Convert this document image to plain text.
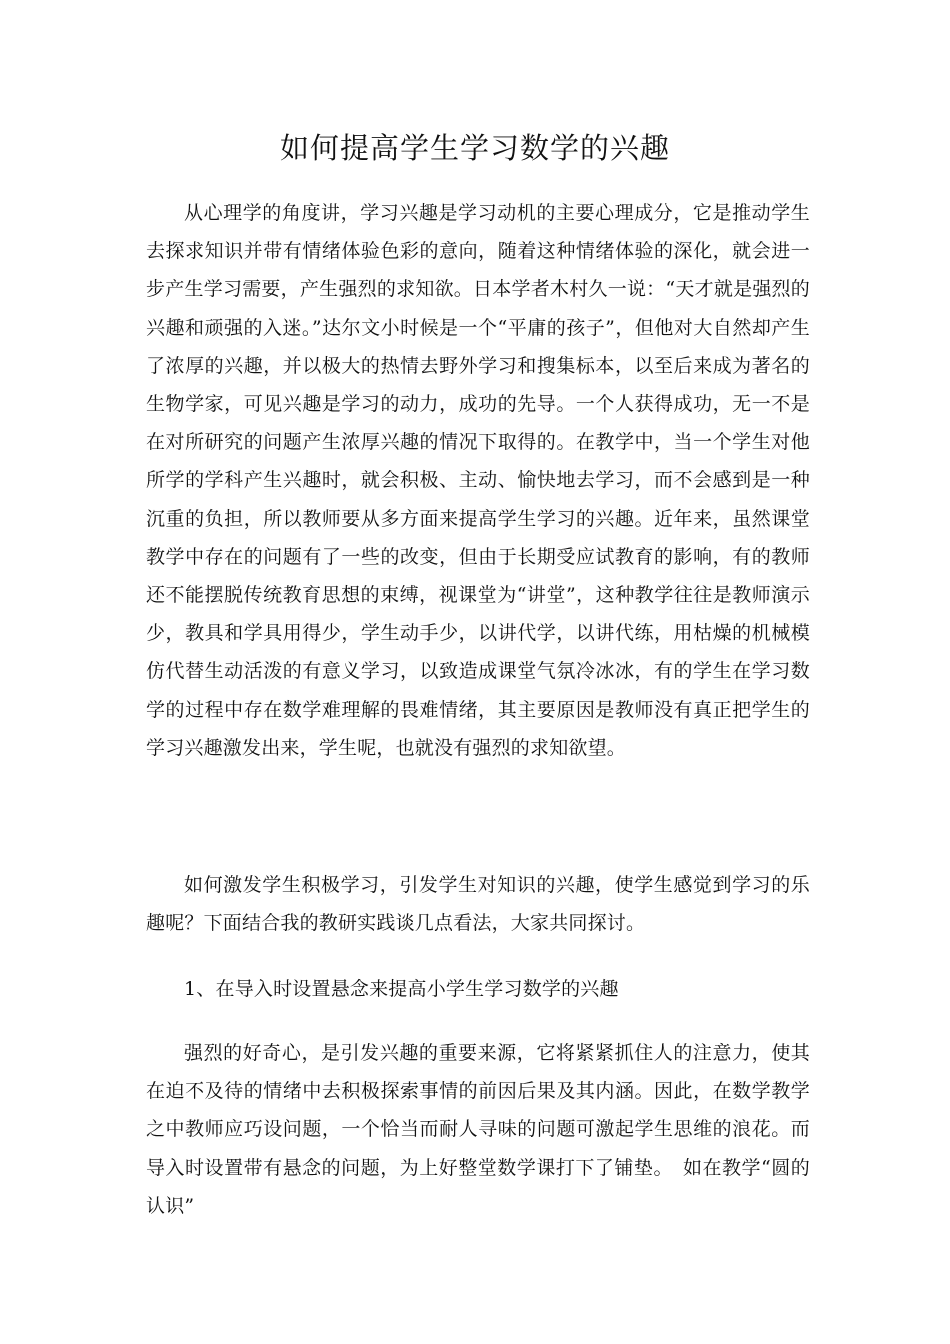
如何提高学生学习数学的兴趣

从心理学的角度讲，学习兴趣是学习动机的主要心理成分，它是推动学生去探求知识并带有情绪体验色彩的意向，随着这种情绪体验的深化，就会进一步产生学习需要，产生强烈的求知欲。日本学者木村久一说：“天才就是强烈的兴趣和顽强的入迷。”达尔文小时候是一个“平庸的孩子”，但他对大自然却产生了浓厚的兴趣，并以极大的热情去野外学习和搜集标本，以至后来成为著名的生物学家，可见兴趣是学习的动力，成功的先导。一个人获得成功，无一不是在对所研究的问题产生浓厚兴趣的情况下取得的。在教学中，当一个学生对他所学的学科产生兴趣时，就会积极、主动、愉快地去学习，而不会感到是一种沉重的负担，所以教师要从多方面来提高学生学习的兴趣。近年来，虽然课堂教学中存在的问题有了一些的改变，但由于长期受应试教育的影响，有的教师还不能摆脱传统教育思想的束缚，视课堂为“讲堂”，这种教学往往是教师演示少，教具和学具用得少，学生动手少，以讲代学，以讲代练，用枯燥的机械模仿代替生动活泼的有意义学习，以致造成课堂气氛冷冰冰，有的学生在学习数学的过程中存在数学难理解的畏难情绪，其主要原因是教师没有真正把学生的学习兴趣激发出来，学生呢，也就没有强烈的求知欲望。

如何激发学生积极学习，引发学生对知识的兴趣，使学生感觉到学习的乐趣呢？下面结合我的教研实践谈几点看法，大家共同探讨。

1、在导入时设置悬念来提高小学生学习数学的兴趣

强烈的好奇心，是引发兴趣的重要来源，它将紧紧抓住人的注意力，使其在迫不及待的情绪中去积极探索事情的前因后果及其内涵。因此，在数学教学之中教师应巧设问题，一个恰当而耐人寻味的问题可激起学生思维的浪花。而导入时设置带有悬念的问题，为上好整堂数学课打下了铺垫。　如在教学“圆的认识”
